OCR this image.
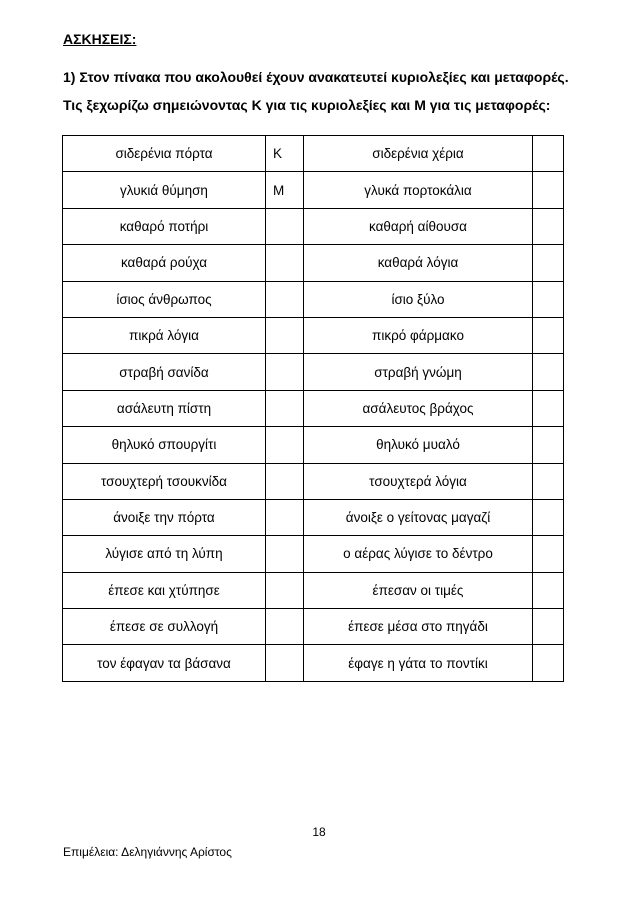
ΑΣΚΗΣΕΙΣ:

1) Στον πίνακα που ακολουθεί έχουν ανακατευτεί κυριολεξίες και μεταφορές.

Τις ξεχωρίζω σημειώνοντας Κ για τις κυριολεξίες και Μ για τις μεταφορές:

σιδερένια πόρτα	Κ	σιδερένια χέρια	
γλυκιά θύμηση	Μ	γλυκά πορτοκάλια	
καθαρό ποτήρι		καθαρή αίθουσα	
καθαρά ρούχα		καθαρά λόγια	
ίσιος άνθρωπος		ίσιο ξύλο	
πικρά λόγια		πικρό φάρμακο	
στραβή σανίδα		στραβή γνώμη	
ασάλευτη πίστη		ασάλευτος βράχος	
θηλυκό σπουργίτι		θηλυκό μυαλό	
τσουχτερή τσουκνίδα		τσουχτερά λόγια	
άνοιξε την πόρτα		άνοιξε ο γείτονας μαγαζί	
λύγισε από τη λύπη		ο αέρας λύγισε το δέντρο	
έπεσε και χτύπησε		έπεσαν οι τιμές	
έπεσε σε συλλογή		έπεσε μέσα στο πηγάδι	
τον έφαγαν τα βάσανα		έφαγε η γάτα το ποντίκι	
18
Επιμέλεια: Δεληγιάννης Αρίστος
